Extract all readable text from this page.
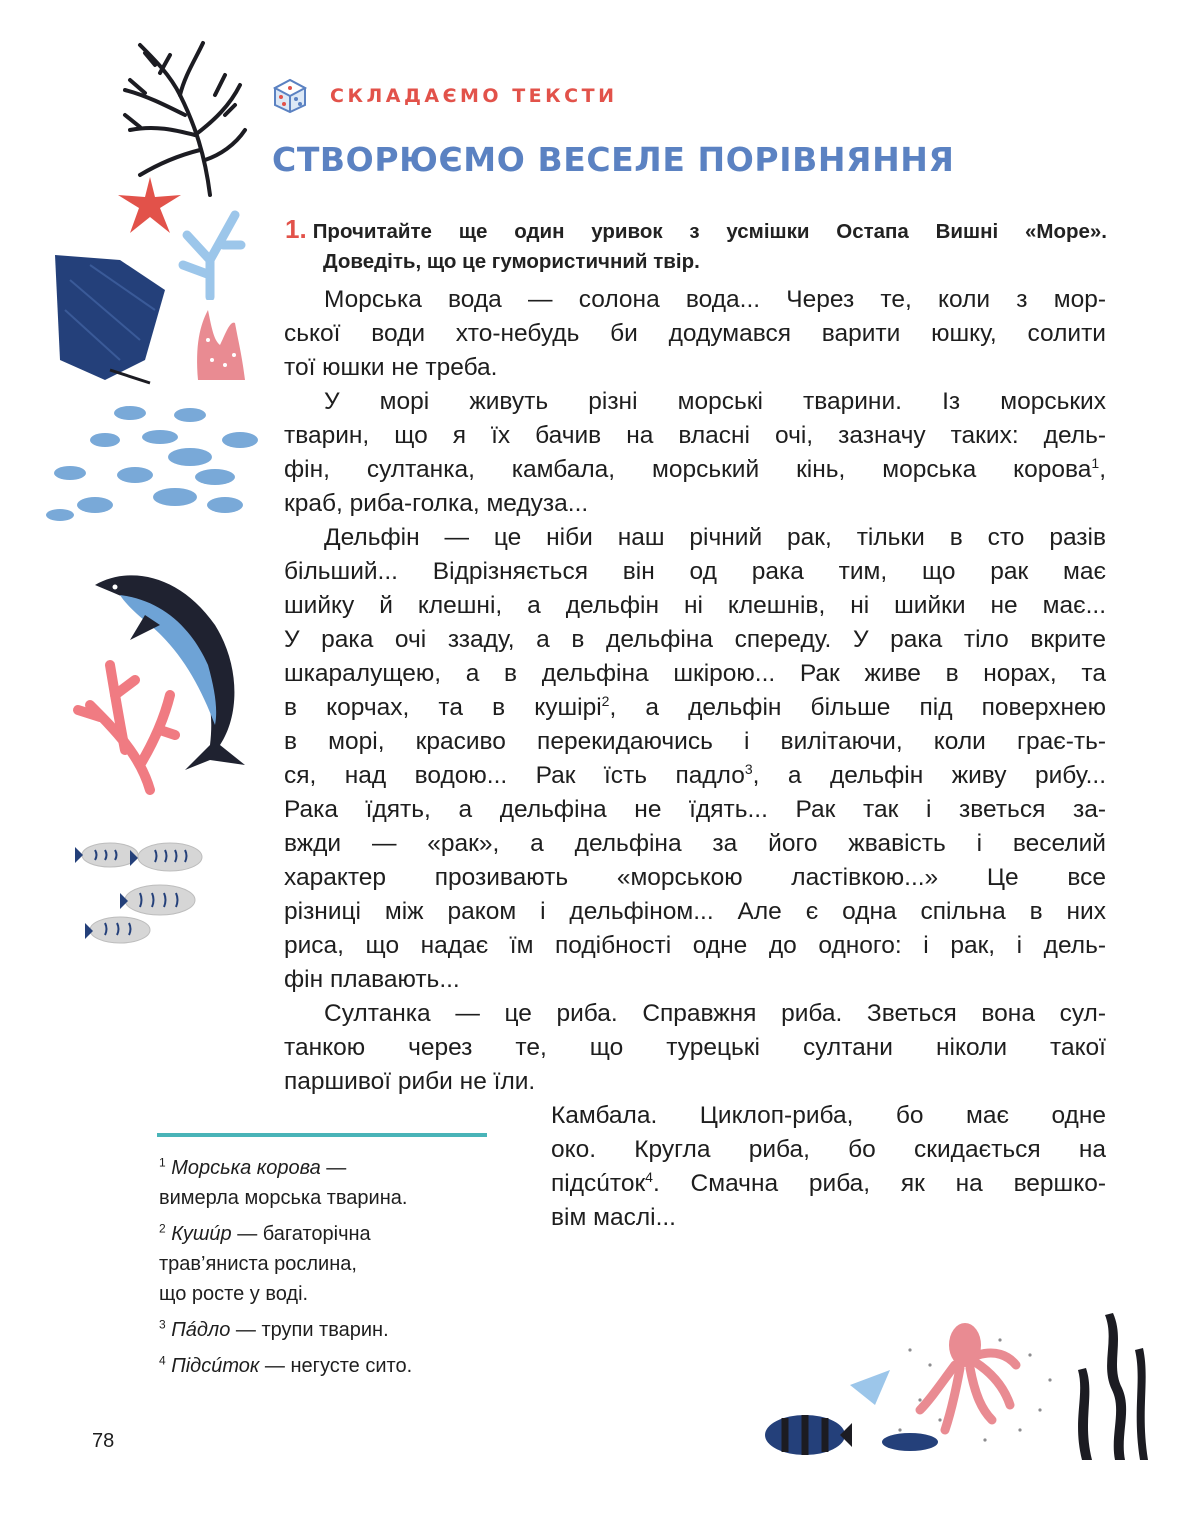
СКЛАДАЄМО ТЕКСТИ
СТВОРЮЄМО ВЕСЕЛЕ ПОРІВНЯННЯ
1. Прочитайте ще один уривок з усмішки Остапа Вишні «Море».
Доведіть, що це гумористичний твір.
Морська вода — солона вода... Через те, коли з мор-
ської води хто-небудь би додумався варити юшку, солити
тої юшки не треба.
У морі живуть різні морські тварини. Із морських
тварин, що я їх бачив на власні очі, зазначу таких: дель-
фін, султанка, камбала, морський кінь, морська корова$^1$,
краб, риба-голка, медуза...
Дельфін — це ніби наш річний рак, тільки в сто разів
більший... Відрізняється він од рака тим, що рак має
шийку й клешні, а дельфін ні клешнів, ні шийки не має...
У рака очі ззаду, а в дельфіна спереду. У рака тіло вкрите
шкаралущею, а в дельфіна шкірою... Рак живе в норах, та
в корчах, та в кушірі$^2$, а дельфін більше під поверхнею
в морі, красиво перекидаючись і вилітаючи, коли грає-ть-
ся, над водою... Рак їсть падло$^3$, а дельфін живу рибу...
Рака їдять, а дельфіна не їдять... Рак так і зветься за-
вжди — «рак», а дельфіна за його жвавість і веселий
характер прозивають «морською ластівкою...» Це все
різниці між раком і дельфіном... Але є одна спільна в них
риса, що надає їм подібності одне до одного: і рак, і дель-
фін плавають...
Султанка — це риба. Справжня риба. Зветься вона сул-
танкою через те, що турецькі султани ніколи такої
паршивої риби не їли.
Камбала. Циклоп-риба, бо має одне
око. Кругла риба, бо скидається на
підсúток$^4$. Смачна риба, як на вершко-
вім маслі...
$^1$ Морська корова —
вимерла морська тварина.
$^2$ Кушúр — багаторічна
трав’яниста рослина,
що росте у воді.
$^3$ Пáдло — трупи тварин.
$^4$ Підсúток — негусте сито.
78
